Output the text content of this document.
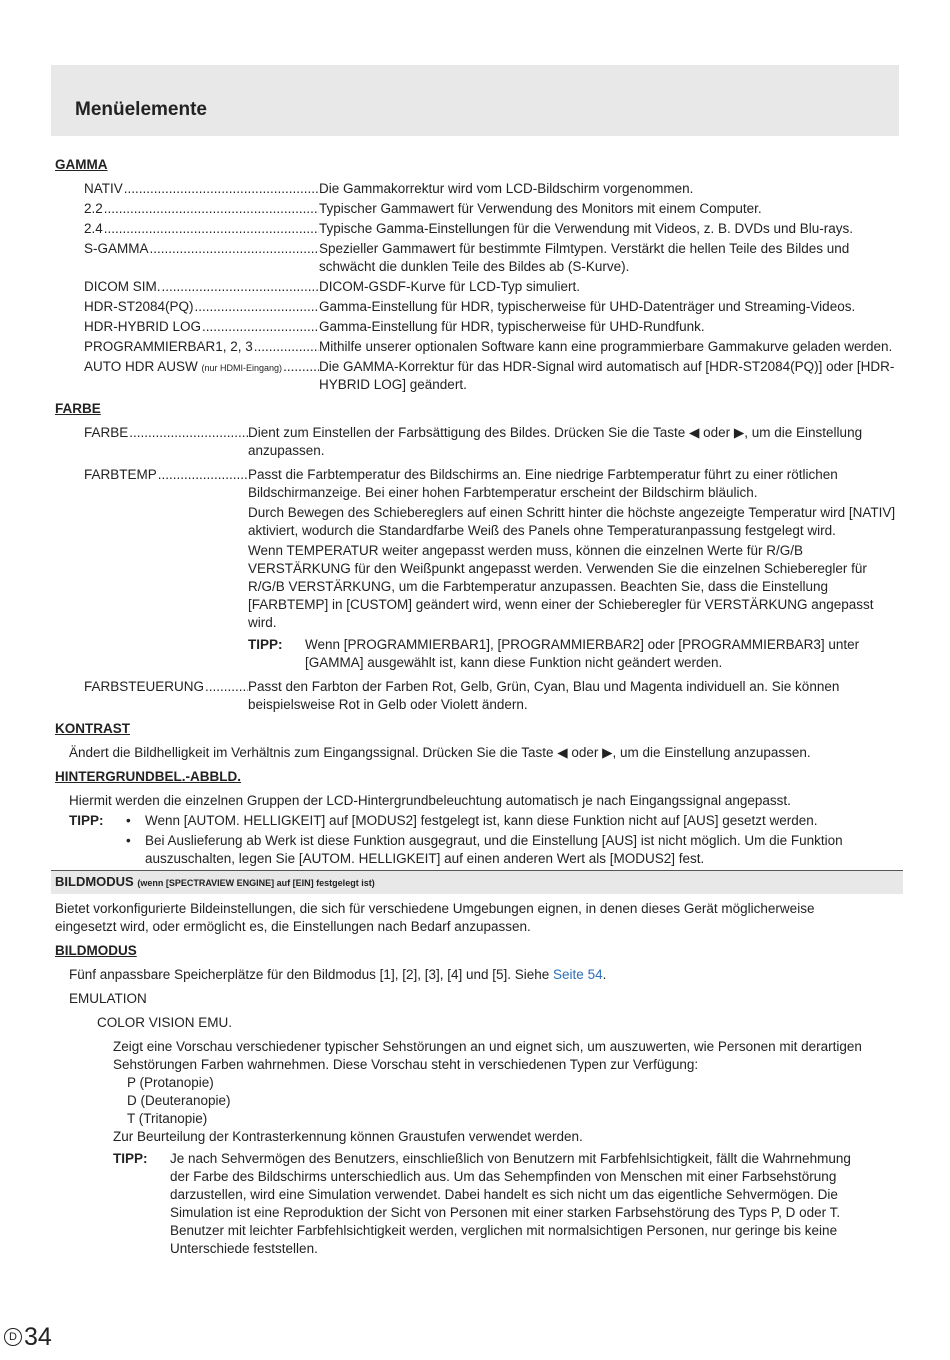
Menüelemente
GAMMA
NATIV .....	Die Gammakorrektur wird vom LCD-Bildschirm vorgenommen.
2.2 .....	Typischer Gammawert für Verwendung des Monitors mit einem Computer.
2.4 .....	Typische Gamma-Einstellungen für die Verwendung mit Videos, z. B. DVDs und Blu-rays.
S-GAMMA .....	Spezieller Gammawert für bestimmte Filmtypen. Verstärkt die hellen Teile des Bildes und schwächt die dunklen Teile des Bildes ab (S-Kurve).
DICOM SIM. .....	DICOM-GSDF-Kurve für LCD-Typ simuliert.
HDR-ST2084(PQ) .....	Gamma-Einstellung für HDR, typischerweise für UHD-Datenträger und Streaming-Videos.
HDR-HYBRID LOG .....	Gamma-Einstellung für HDR, typischerweise für UHD-Rundfunk.
PROGRAMMIERBAR1, 2, 3 .....	Mithilfe unserer optionalen Software kann eine programmierbare Gammakurve geladen werden.
AUTO HDR AUSW (nur HDMI-Eingang) .....	Die GAMMA-Korrektur für das HDR-Signal wird automatisch auf [HDR-ST2084(PQ)] oder [HDR-HYBRID LOG] geändert.
FARBE
FARBE .....	Dient zum Einstellen der Farbsättigung des Bildes. Drücken Sie die Taste ◀ oder ▶, um die Einstellung anzupassen.
FARBTEMP .....	Passt die Farbtemperatur des Bildschirms an. Eine niedrige Farbtemperatur führt zu einer rötlichen Bildschirmanzeige. Bei einer hohen Farbtemperatur erscheint der Bildschirm bläulich.
Durch Bewegen des Schiebereglers auf einen Schritt hinter die höchste angezeigte Temperatur wird [NATIV] aktiviert, wodurch die Standardfarbe Weiß des Panels ohne Temperaturanpassung festgelegt wird.
Wenn TEMPERATUR weiter angepasst werden muss, können die einzelnen Werte für R/G/B VERSTÄRKUNG für den Weißpunkt angepasst werden. Verwenden Sie die einzelnen Schieberegler für R/G/B VERSTÄRKUNG, um die Farbtemperatur anzupassen. Beachten Sie, dass die Einstellung [FARBTEMP] in [CUSTOM] geändert wird, wenn einer der Schieberegler für VERSTÄRKUNG angepasst wird.
TIPP:	Wenn [PROGRAMMIERBAR1], [PROGRAMMIERBAR2] oder [PROGRAMMIERBAR3] unter [GAMMA] ausgewählt ist, kann diese Funktion nicht geändert werden.
FARBSTEUERUNG .....	Passt den Farbton der Farben Rot, Gelb, Grün, Cyan, Blau und Magenta individuell an. Sie können beispielsweise Rot in Gelb oder Violett ändern.
KONTRAST
Ändert die Bildhelligkeit im Verhältnis zum Eingangssignal. Drücken Sie die Taste ◀ oder ▶, um die Einstellung anzupassen.
HINTERGRUNDBEL.-ABBLD.
Hiermit werden die einzelnen Gruppen der LCD-Hintergrundbeleuchtung automatisch je nach Eingangssignal angepasst.
TIPP:	•	Wenn [AUTOM. HELLIGKEIT] auf [MODUS2] festgelegt ist, kann diese Funktion nicht auf [AUS] gesetzt werden.
•	Bei Auslieferung ab Werk ist diese Funktion ausgegraut, und die Einstellung [AUS] ist nicht möglich. Um die Funktion auszuschalten, legen Sie [AUTOM. HELLIGKEIT] auf einen anderen Wert als [MODUS2] fest.
BILDMODUS (wenn [SPECTRAVIEW ENGINE] auf [EIN] festgelegt ist)
Bietet vorkonfigurierte Bildeinstellungen, die sich für verschiedene Umgebungen eignen, in denen dieses Gerät möglicherweise eingesetzt wird, oder ermöglicht es, die Einstellungen nach Bedarf anzupassen.
BILDMODUS
Fünf anpassbare Speicherplätze für den Bildmodus [1], [2], [3], [4] und [5]. Siehe Seite 54.
EMULATION
COLOR VISION EMU.
Zeigt eine Vorschau verschiedener typischer Sehstörungen an und eignet sich, um auszuwerten, wie Personen mit derartigen Sehstörungen Farben wahrnehmen. Diese Vorschau steht in verschiedenen Typen zur Verfügung:
P (Protanopie)
D (Deuteranopie)
T (Tritanopie)
Zur Beurteilung der Kontrasterkennung können Graustufen verwendet werden.
TIPP:	Je nach Sehvermögen des Benutzers, einschließlich von Benutzern mit Farbfehlsichtigkeit, fällt die Wahrnehmung der Farbe des Bildschirms unterschiedlich aus. Um das Sehempfinden von Menschen mit einer Farbsehstörung darzustellen, wird eine Simulation verwendet. Dabei handelt es sich nicht um das eigentliche Sehvermögen. Die Simulation ist eine Reproduktion der Sicht von Personen mit einer starken Farbsehstörung des Typs P, D oder T. Benutzer mit leichter Farbfehlsichtigkeit werden, verglichen mit normalsichtigen Personen, nur geringe bis keine Unterschiede feststellen.
D 34
